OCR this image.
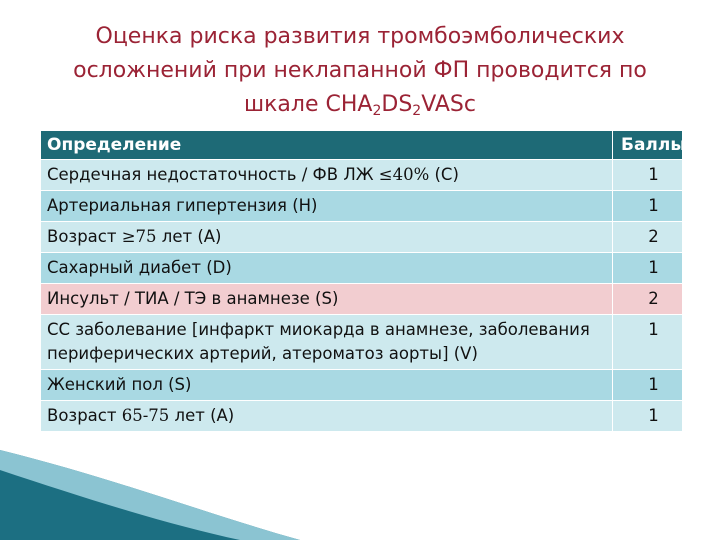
Оценка риска развития тромбоэмболических
осложнений при неклапанной ФП проводится по
шкале $CHA_2DS_2VASc$
Определение	Баллы
Сердечная недостаточность / ФВ ЛЖ ≤40% (C)	1
Артериальная гипертензия (H)	1
Возраст ≥75 лет (A)	2
Сахарный диабет (D)	1
Инсульт / ТИА / ТЭ в анамнезе (S)	2
СС заболевание [инфаркт миокарда в анамнезе, заболевания периферических артерий, атероматоз аорты] (V)	1
Женский пол (S)	1
Возраст 65-75 лет (A)	1
